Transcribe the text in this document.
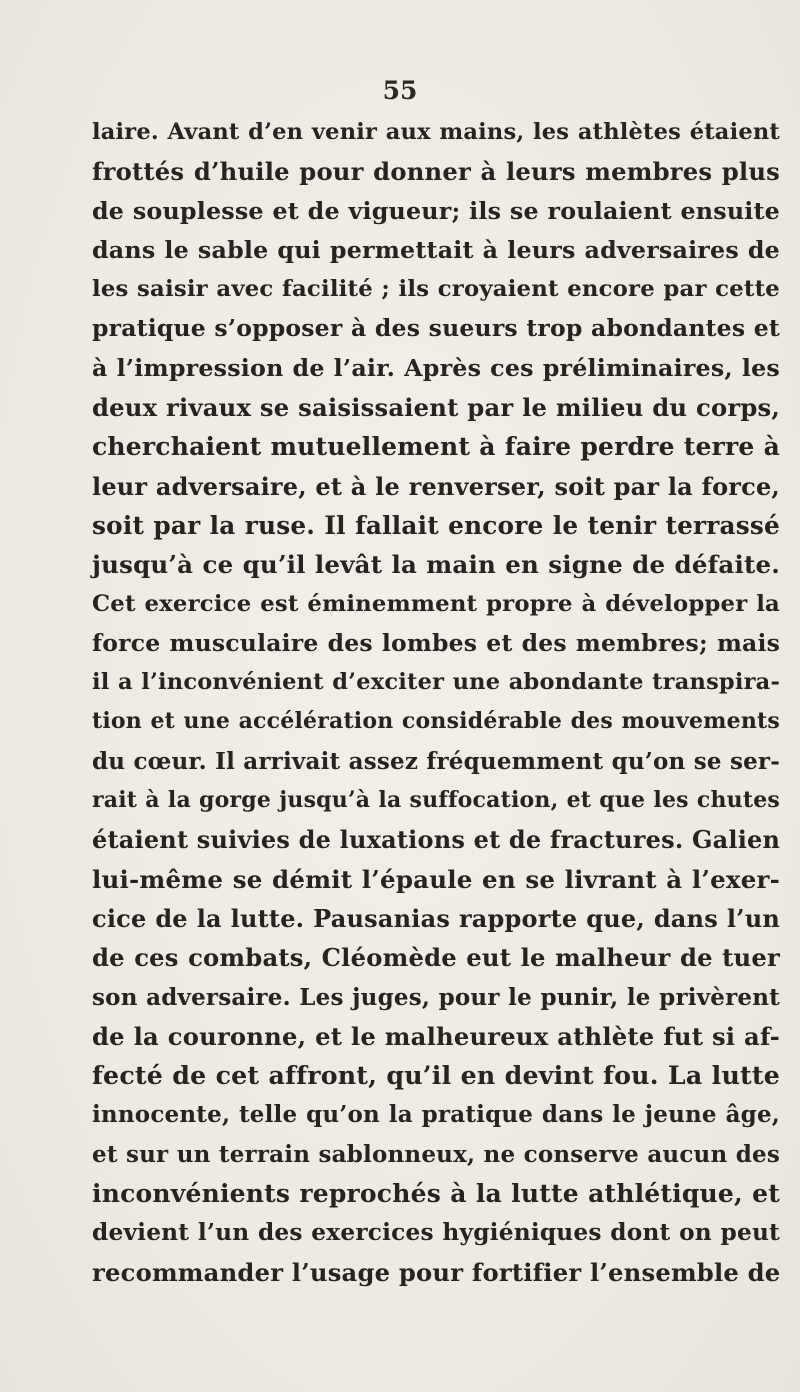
55
laire. Avant d’en venir aux mains, les athlètes étaient
frottés d’huile pour donner à leurs membres plus
de souplesse et de vigueur; ils se roulaient ensuite
dans le sable qui permettait à leurs adversaires de
les saisir avec facilité ; ils croyaient encore par cette
pratique s’opposer à des sueurs trop abondantes et
à l’impression de l’air. Après ces préliminaires, les
deux rivaux se saisissaient par le milieu du corps,
cherchaient mutuellement à faire perdre terre à
leur adversaire, et à le renverser, soit par la force,
soit par la ruse. Il fallait encore le tenir terrassé
jusqu’à ce qu’il levât la main en signe de défaite.
Cet exercice est éminemment propre à développer la
force musculaire des lombes et des membres; mais
il a l’inconvénient d’exciter une abondante transpira-
tion et une accélération considérable des mouvements
du cœur. Il arrivait assez fréquemment qu’on se ser-
rait à la gorge jusqu’à la suffocation, et que les chutes
étaient suivies de luxations et de fractures. Galien
lui-même se démit l’épaule en se livrant à l’exer-
cice de la lutte. Pausanias rapporte que, dans l’un
de ces combats, Cléomède eut le malheur de tuer
son adversaire. Les juges, pour le punir, le privèrent
de la couronne, et le malheureux athlète fut si af-
fecté de cet affront, qu’il en devint fou. La lutte
innocente, telle qu’on la pratique dans le jeune âge,
et sur un terrain sablonneux, ne conserve aucun des
inconvénients reprochés à la lutte athlétique, et
devient l’un des exercices hygiéniques dont on peut
recommander l’usage pour fortifier l’ensemble de
